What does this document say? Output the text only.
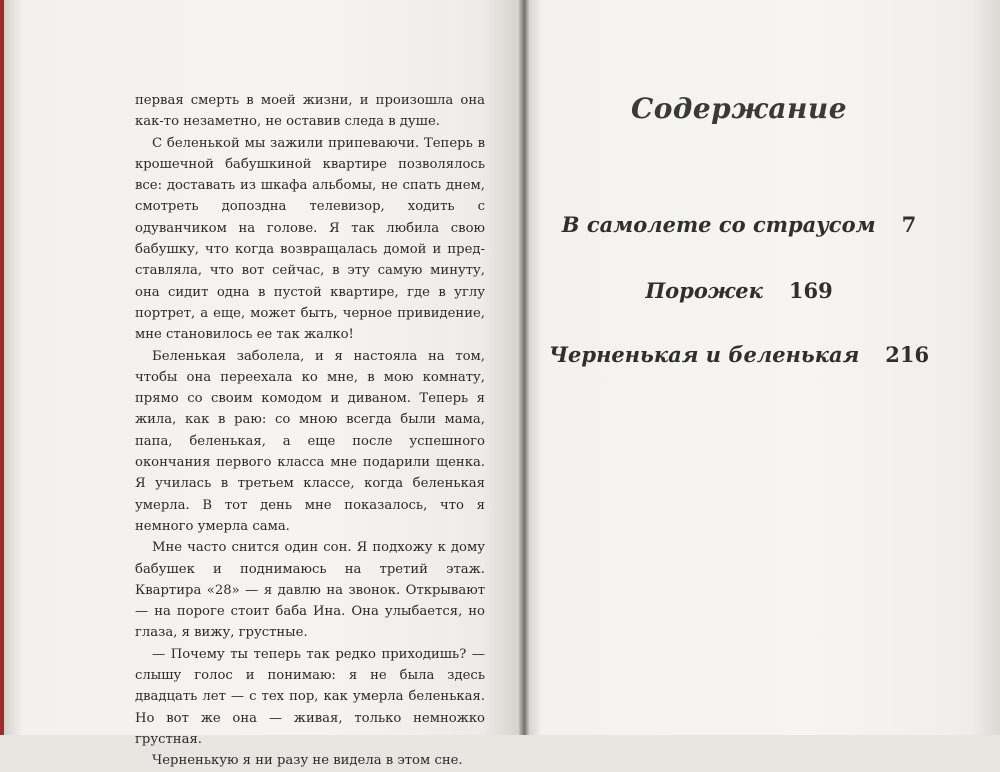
первая смерть в моей жизни, и произошла она как-то незаметно, не оставив следа в душе.

С беленькой мы зажили припеваючи. Теперь в крошечной бабушкиной квартире позволялось все: доставать из шкафа альбомы, не спать днем, смотреть допоздна телевизор, ходить с одуванчиком на голове. Я так любила свою бабушку, что когда возвращалась домой и представляла, что вот сейчас, в эту самую минуту, она сидит одна в пустой квартире, где в углу портрет, а еще, может быть, черное привидение, мне становилось ее так жалко!

Беленькая заболела, и я настояла на том, чтобы она переехала ко мне, в мою комнату, прямо со своим комодом и диваном. Теперь я жила, как в раю: со мною всегда были мама, папа, беленькая, а еще после успешного окончания первого класса мне подарили щенка. Я училась в третьем классе, когда беленькая умерла. В тот день мне показалось, что я немного умерла сама.

Мне часто снится один сон. Я подхожу к дому бабушек и поднимаюсь на третий этаж. Квартира «28» — я давлю на звонок. Открывают — на пороге стоит баба Ина. Она улыбается, но глаза, я вижу, грустные.

— Почему ты теперь так редко приходишь? — слышу голос и понимаю: я не была здесь двадцать лет — с тех пор, как умерла беленькая. Но вот же она — живая, только немножко грустная.

Черненькую я ни разу не видела в этом сне.

Содержание
В самолете со страусом 7
Порожек 169
Черненькая и беленькая 216
